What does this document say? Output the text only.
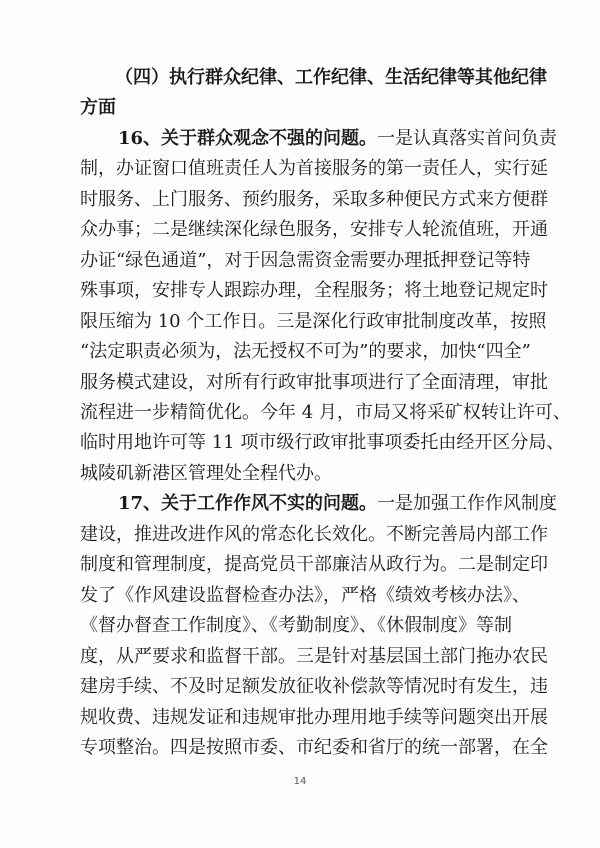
（四）执行群众纪律、工作纪律、生活纪律等其他纪律
方面
16、关于群众观念不强的问题。一是认真落实首问负责
制，办证窗口值班责任人为首接服务的第一责任人，实行延
时服务、上门服务、预约服务，采取多种便民方式来方便群
众办事；二是继续深化绿色服务，安排专人轮流值班，开通
办证“绿色通道”，对于因急需资金需要办理抵押登记等特
殊事项，安排专人跟踪办理，全程服务；将土地登记规定时
限压缩为 10 个工作日。三是深化行政审批制度改革，按照
“法定职责必须为，法无授权不可为”的要求，加快“四全”
服务模式建设，对所有行政审批事项进行了全面清理，审批
流程进一步精简优化。今年 4 月，市局又将采矿权转让许可、
临时用地许可等 11 项市级行政审批事项委托由经开区分局、
城陵矶新港区管理处全程代办。
17、关于工作作风不实的问题。一是加强工作作风制度
建设，推进改进作风的常态化长效化。不断完善局内部工作
制度和管理制度，提高党员干部廉洁从政行为。二是制定印
发了《作风建设监督检查办法》，严格《绩效考核办法》、
《督办督查工作制度》、《考勤制度》、《休假制度》等制
度，从严要求和监督干部。三是针对基层国土部门拖办农民
14
建房手续、不及时足额发放征收补偿款等情况时有发生，违
规收费、违规发证和违规审批办理用地手续等问题突出开展
专项整治。四是按照市委、市纪委和省厅的统一部署，在全
